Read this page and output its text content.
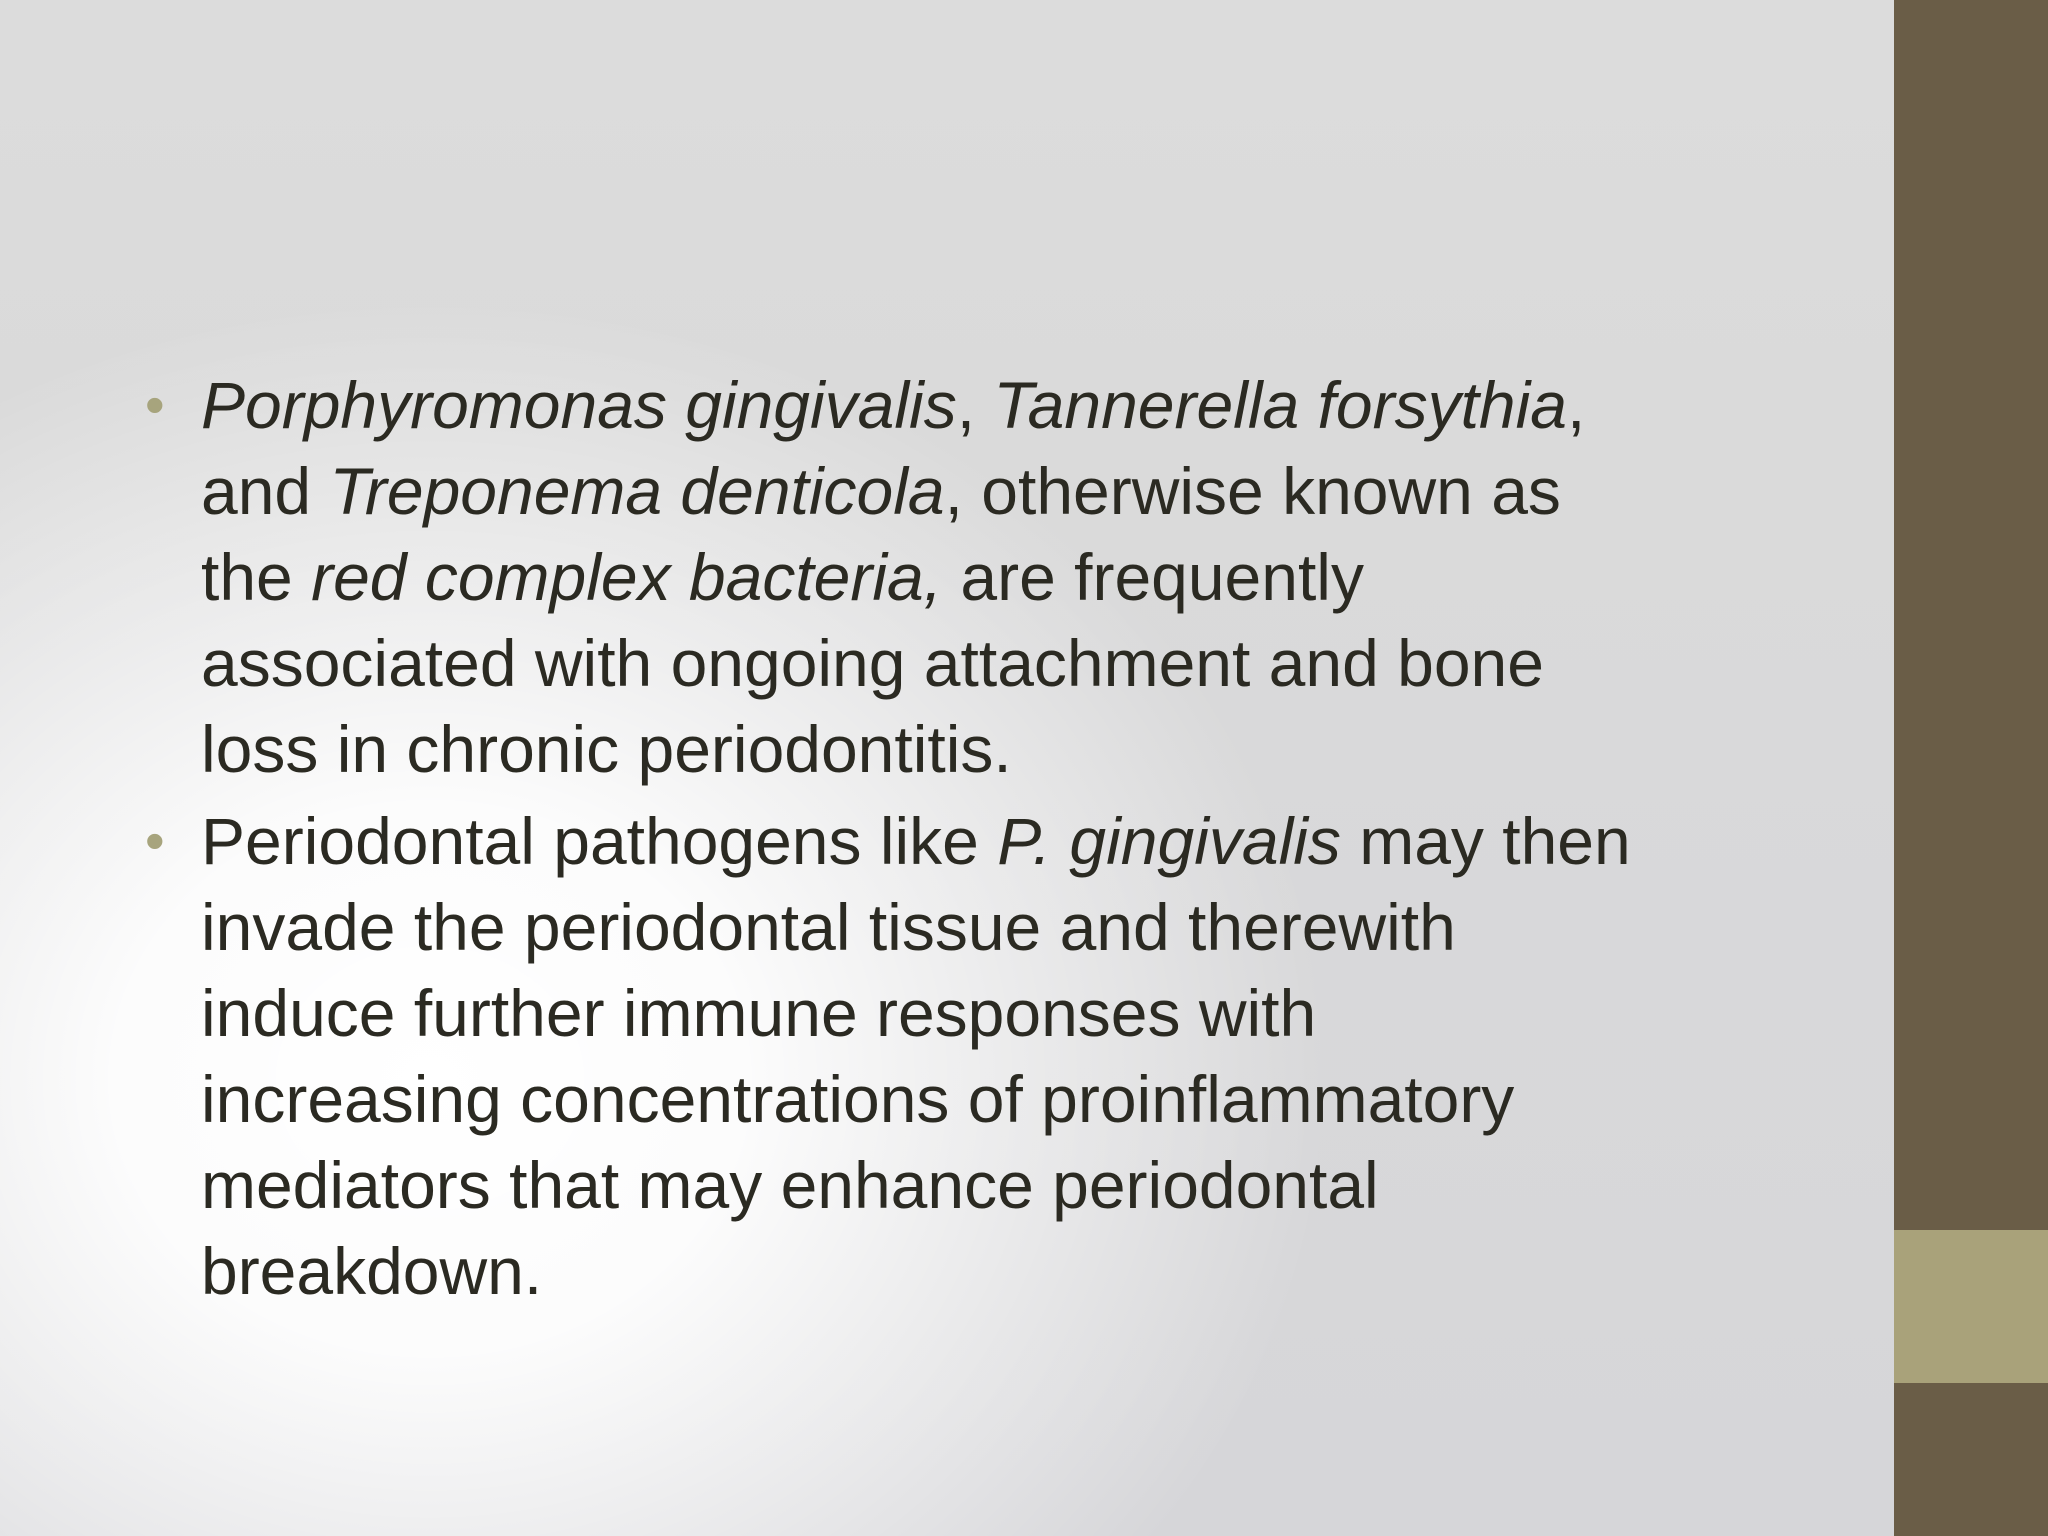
• Porphyromonas gingivalis, Tannerella forsythia,
and Treponema denticola, otherwise known as
the red complex bacteria, are frequently
associated with ongoing attachment and bone
loss in chronic periodontitis.
• Periodontal pathogens like P. gingivalis may then
invade the periodontal tissue and therewith
induce further immune responses with
increasing concentrations of proinflammatory
mediators that may enhance periodontal
breakdown.
